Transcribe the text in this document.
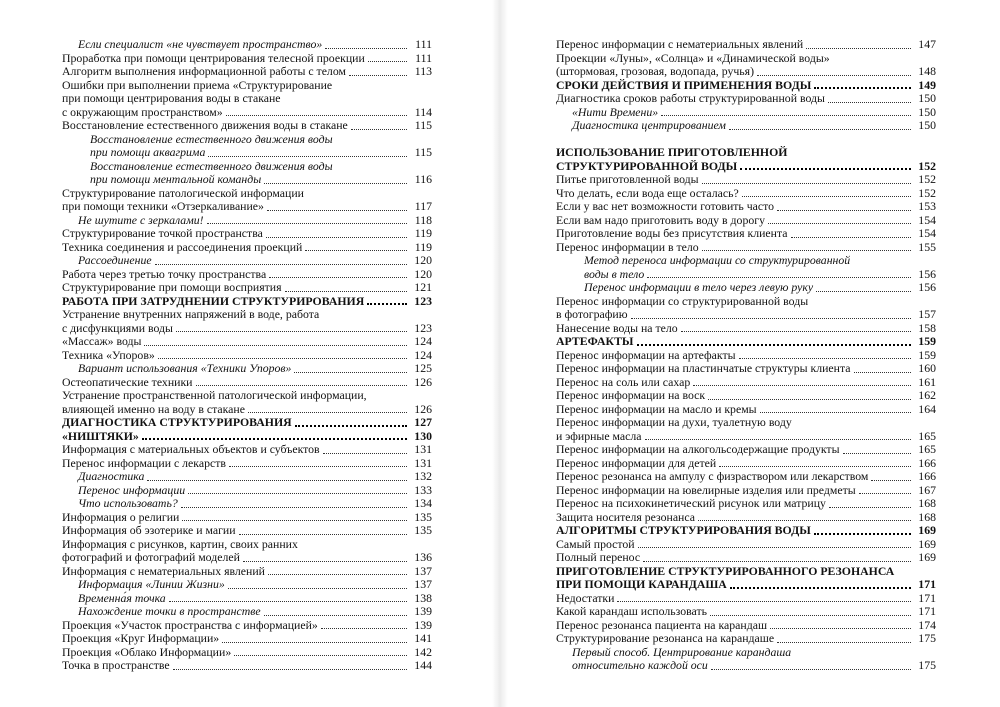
Если специалист «не чувствует пространство»	111
Проработка при помощи центрирования телесной проекции	111
Алгоритм выполнения информационной работы с телом	113
Ошибки при выполнении приема «Структурирование
при помощи центрирования воды в стакане
с окружающим пространством»	114
Восстановление естественного движения воды в стакане	115
Восстановление естественного движения воды
при помощи аквагрима	115
Восстановление естественного движения воды
при помощи ментальной команды	116
Структурирование патологической информации
при помощи техники «Отзеркаливание»	117
Не шутите с зеркалами!	118
Структурирование точкой пространства	119
Техника соединения и рассоединения проекций	119
Рассоединение	120
Работа через третью точку пространства	120
Структурирование при помощи восприятия	121
РАБОТА ПРИ ЗАТРУДНЕНИИ СТРУКТУРИРОВАНИЯ	123
Устранение внутренних напряжений в воде, работа
с дисфункциями воды	123
«Массаж» воды	124
Техника «Упоров»	124
Вариант использования «Техники Упоров»	125
Остеопатические техники	126
Устранение пространственной патологической информации,
влияющей именно на воду в стакане	126
ДИАГНОСТИКА СТРУКТУРИРОВАНИЯ	127
«НИШТЯКИ»	130
Информация с материальных объектов и субъектов	131
Перенос информации с лекарств	131
Диагностика	132
Перенос информации	133
Что использовать?	134
Информация о религии	135
Информация об эзотерике и магии	135
Информация с рисунков, картин, своих ранних
фотографий и фотографий моделей	136
Информация с нематериальных явлений	137
Информация «Линии Жизни»	137
Временна́я точка	138
Нахождение точки в пространстве	139
Проекция «Участок пространства с информацией»	139
Проекция «Круг Информации»	141
Проекция «Облако Информации»	142
Точка в пространстве	144
Перенос информации с нематериальных явлений	147
Проекции «Луны», «Солнца» и «Динамической воды»
(штормовая, грозовая, водопада, ручья)	148
СРОКИ ДЕЙСТВИЯ И ПРИМЕНЕНИЯ ВОДЫ	149
Диагностика сроков работы структурированной воды	150
«Нити Времени»	150
Диагностика центрированием	150
ИСПОЛЬЗОВАНИЕ ПРИГОТОВЛЕННОЙ
СТРУКТУРИРОВАННОЙ ВОДЫ	152
Питье приготовленной воды	152
Что делать, если вода еще осталась?	152
Если у вас нет возможности готовить часто	153
Если вам надо приготовить воду в дорогу	154
Приготовление воды без присутствия клиента	154
Перенос информации в тело	155
Метод переноса информации со структурированной
воды в тело	156
Перенос информации в тело через левую руку	156
Перенос информации со структурированной воды
в фотографию	157
Нанесение воды на тело	158
АРТЕФАКТЫ	159
Перенос информации на артефакты	159
Перенос информации на пластинчатые структуры клиента	160
Перенос на соль или сахар	161
Перенос информации на воск	162
Перенос информации на масло и кремы	164
Перенос информации на духи, туалетную воду
и эфирные масла	165
Перенос информации на алкогольсодержащие продукты	165
Перенос информации для детей	166
Перенос резонанса на ампулу с физраствором или лекарством	166
Перенос информации на ювелирные изделия или предметы	167
Перенос на психокинетический рисунок или матрицу	168
Защита носителя резонанса	168
АЛГОРИТМЫ СТРУКТУРИРОВАНИЯ ВОДЫ	169
Самый простой	169
Полный перенос	169
ПРИГОТОВЛЕНИЕ СТРУКТУРИРОВАННОГО РЕЗОНАНСА
ПРИ ПОМОЩИ КАРАНДАША	171
Недостатки	171
Какой карандаш использовать	171
Перенос резонанса пациента на карандаш	174
Структурирование резонанса на карандаше	175
Первый способ. Центрирование карандаша
относительно каждой оси	175
